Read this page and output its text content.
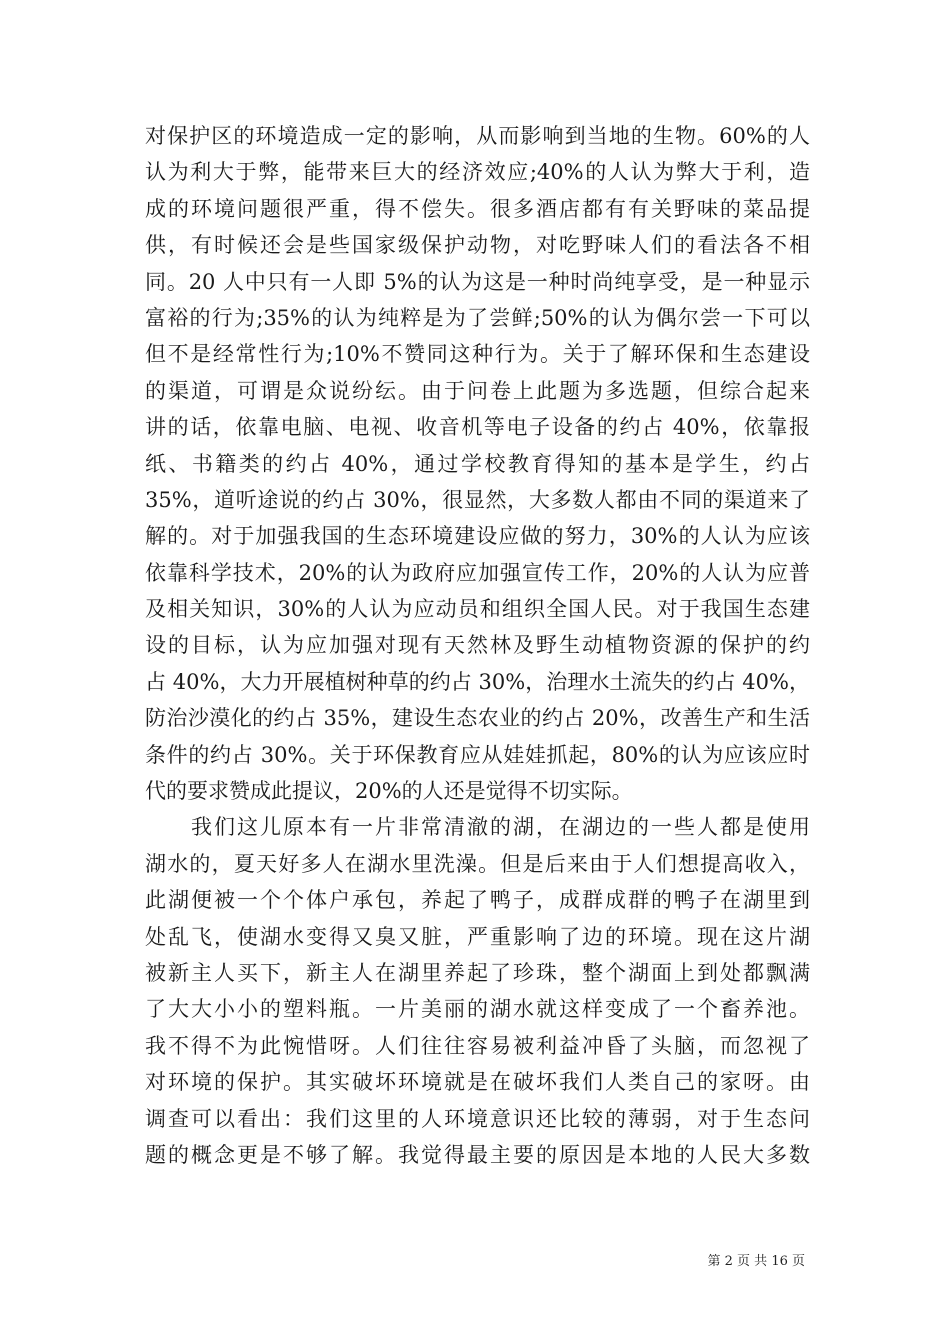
对保护区的环境造成一定的影响，从而影响到当地的生物。60%的人
认为利大于弊，能带来巨大的经济效应;40%的人认为弊大于利，造
成的环境问题很严重，得不偿失。很多酒店都有有关野味的菜品提
供，有时候还会是些国家级保护动物，对吃野味人们的看法各不相
同。20 人中只有一人即 5%的认为这是一种时尚纯享受，是一种显示
富裕的行为;35%的认为纯粹是为了尝鲜;50%的认为偶尔尝一下可以
但不是经常性行为;10%不赞同这种行为。关于了解环保和生态建设
的渠道，可谓是众说纷纭。由于问卷上此题为多选题，但综合起来
讲的话，依靠电脑、电视、收音机等电子设备的约占 40%，依靠报
纸、书籍类的约占 40%，通过学校教育得知的基本是学生，约占
35%，道听途说的约占 30%，很显然，大多数人都由不同的渠道来了
解的。对于加强我国的生态环境建设应做的努力，30%的人认为应该
依靠科学技术，20%的认为政府应加强宣传工作，20%的人认为应普
及相关知识，30%的人认为应动员和组织全国人民。对于我国生态建
设的目标，认为应加强对现有天然林及野生动植物资源的保护的约
占 40%，大力开展植树种草的约占 30%，治理水土流失的约占 40%，
防治沙漠化的约占 35%，建设生态农业的约占 20%，改善生产和生活
条件的约占 30%。关于环保教育应从娃娃抓起，80%的认为应该应时
代的要求赞成此提议，20%的人还是觉得不切实际。
　　我们这儿原本有一片非常清澈的湖，在湖边的一些人都是使用
湖水的，夏天好多人在湖水里洗澡。但是后来由于人们想提高收入，
此湖便被一个个体户承包，养起了鸭子，成群成群的鸭子在湖里到
处乱飞，使湖水变得又臭又脏，严重影响了边的环境。现在这片湖
被新主人买下，新主人在湖里养起了珍珠，整个湖面上到处都飘满
了大大小小的塑料瓶。一片美丽的湖水就这样变成了一个畜养池。
我不得不为此惋惜呀。人们往往容易被利益冲昏了头脑，而忽视了
对环境的保护。其实破坏环境就是在破坏我们人类自己的家呀。由
调查可以看出：我们这里的人环境意识还比较的薄弱，对于生态问
题的概念更是不够了解。我觉得最主要的原因是本地的人民大多数
第 2 页 共 16 页
